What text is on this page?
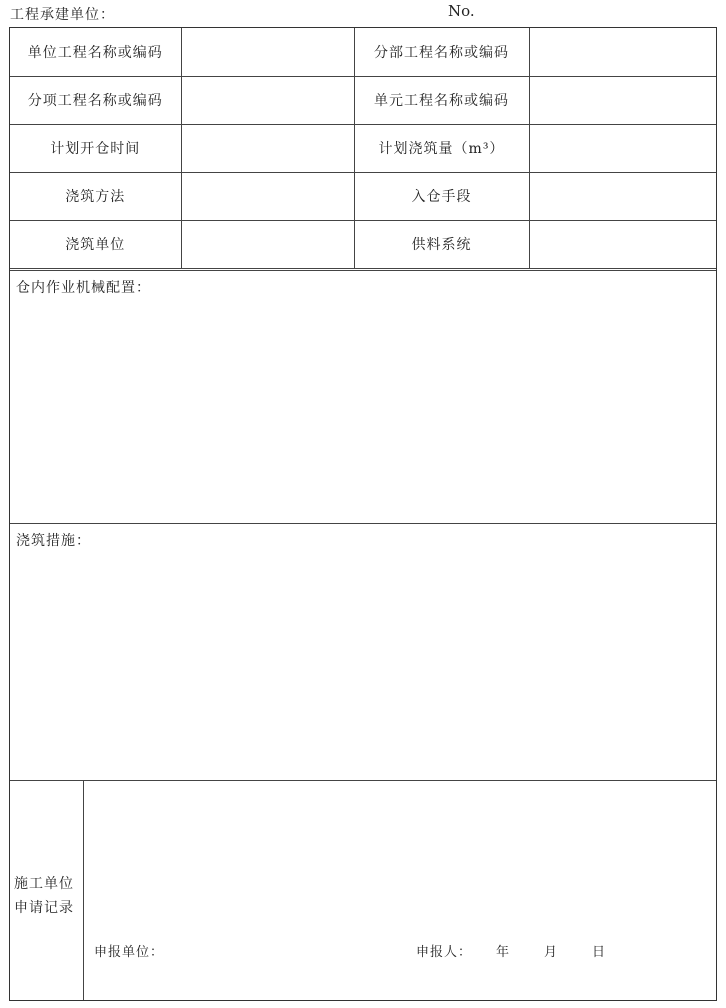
工程承建单位：	No.
单位工程名称或编码		分部工程名称或编码	
分项工程名称或编码		单元工程名称或编码	
计划开仓时间		计划浇筑量（m³）	
浇筑方法		入仓手段	
浇筑单位		供料系统	
仓内作业机械配置：
浇筑措施：
施工单位
申请记录
申报单位：	申报人： 年	月	日
